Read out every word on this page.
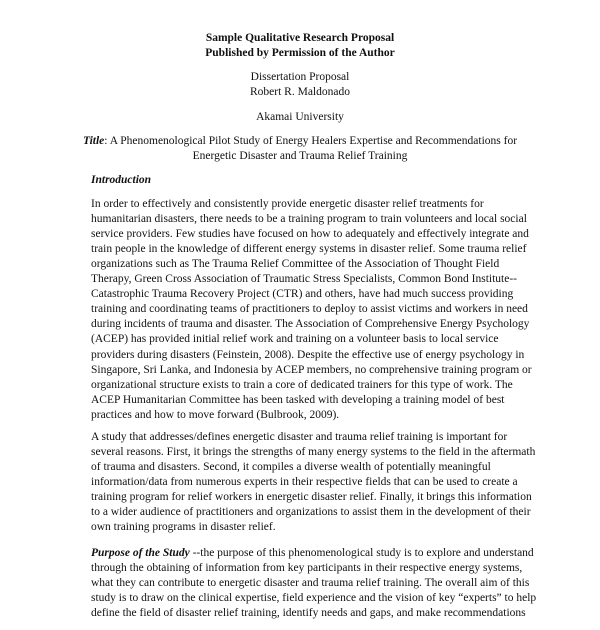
Sample Qualitative Research Proposal
Published by Permission of the Author
Dissertation Proposal
Robert R. Maldonado
Akamai University
Title: A Phenomenological Pilot Study of Energy Healers Expertise and Recommendations for
Energetic Disaster and Trauma Relief Training
Introduction
In order to effectively and consistently provide energetic disaster relief treatments for
humanitarian disasters, there needs to be a training program to train volunteers and local social
service providers. Few studies have focused on how to adequately and effectively integrate and
train people in the knowledge of different energy systems in disaster relief. Some trauma relief
organizations such as The Trauma Relief Committee of the Association of Thought Field
Therapy, Green Cross Association of Traumatic Stress Specialists, Common Bond Institute--
Catastrophic Trauma Recovery Project (CTR) and others, have had much success providing
training and coordinating teams of practitioners to deploy to assist victims and workers in need
during incidents of trauma and disaster. The Association of Comprehensive Energy Psychology
(ACEP) has provided initial relief work and training on a volunteer basis to local service
providers during disasters (Feinstein, 2008). Despite the effective use of energy psychology in
Singapore, Sri Lanka, and Indonesia by ACEP members, no comprehensive training program or
organizational structure exists to train a core of dedicated trainers for this type of work. The
ACEP Humanitarian Committee has been tasked with developing a training model of best
practices and how to move forward (Bulbrook, 2009).
A study that addresses/defines energetic disaster and trauma relief training is important for
several reasons. First, it brings the strengths of many energy systems to the field in the aftermath
of trauma and disasters. Second, it compiles a diverse wealth of potentially meaningful
information/data from numerous experts in their respective fields that can be used to create a
training program for relief workers in energetic disaster relief. Finally, it brings this information
to a wider audience of practitioners and organizations to assist them in the development of their
own training programs in disaster relief.
Purpose of the Study --the purpose of this phenomenological study is to explore and understand
through the obtaining of information from key participants in their respective energy systems,
what they can contribute to energetic disaster and trauma relief training. The overall aim of this
study is to draw on the clinical expertise, field experience and the vision of key “experts” to help
define the field of disaster relief training, identify needs and gaps, and make recommendations
